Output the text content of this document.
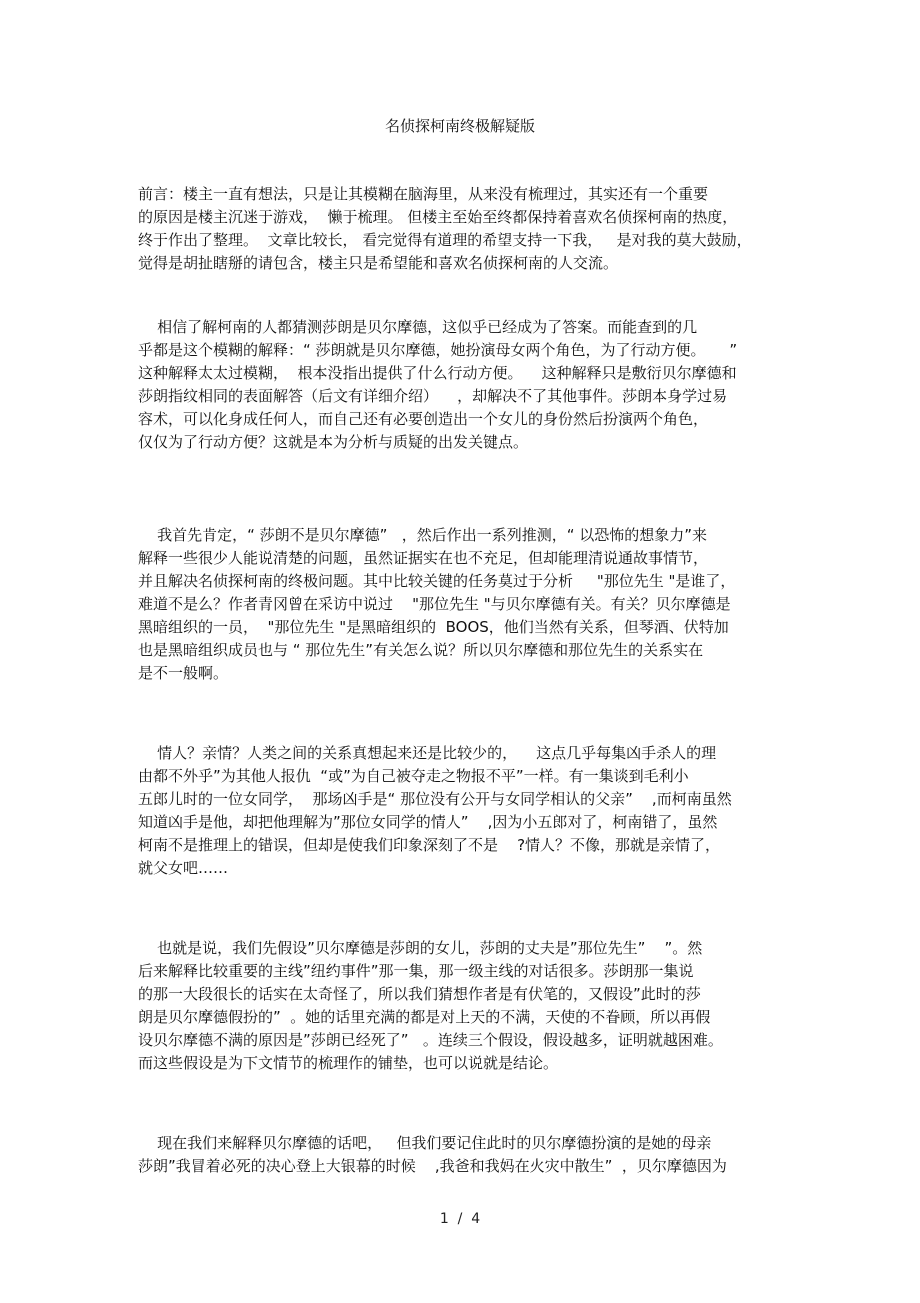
名侦探柯南终极解疑版
前言：楼主一直有想法，只是让其模糊在脑海里，从来没有梳理过，其实还有一个重要
的原因是楼主沉迷于游戏，  懒于梳理。 但楼主至始至终都保持着喜欢名侦探柯南的热度，
终于作出了整理。  文章比较长， 看完觉得有道理的希望支持一下我，   是对我的莫大鼓励，
觉得是胡扯瞎掰的请包含，楼主只是希望能和喜欢名侦探柯南的人交流。
相信了解柯南的人都猜测莎朗是贝尔摩德，这似乎已经成为了答案。而能查到的几
乎都是这个模糊的解释：“ 莎朗就是贝尔摩德，她扮演母女两个角色，为了行动方便。     ”
这种解释太太过模糊，  根本没指出提供了什么行动方便。    这种解释只是敷衍贝尔摩德和
莎朗指纹相同的表面解答（后文有详细介绍）    ，却解决不了其他事件。莎朗本身学过易
容术，可以化身成任何人，而自己还有必要创造出一个女儿的身份然后扮演两个角色，
仅仅为了行动方便？这就是本为分析与质疑的出发关键点。
我首先肯定，“ 莎朗不是贝尔摩德”   ，然后作出一系列推测，“ 以恐怖的想象力”来
解释一些很少人能说清楚的问题，虽然证据实在也不充足，但却能理清说通故事情节，
并且解决名侦探柯南的终极问题。其中比较关键的任务莫过于分析     "那位先生 "是谁了，
难道不是么？作者青冈曾在采访中说过    "那位先生 "与贝尔摩德有关。有关？贝尔摩德是
黑暗组织的一员，  "那位先生 "是黑暗组织的  BOOS，他们当然有关系，但琴酒、伏特加
也是黑暗组织成员也与 “ 那位先生”有关怎么说？所以贝尔摩德和那位先生的关系实在
是不一般啊。
情人？亲情？人类之间的关系真想起来还是比较少的，    这点几乎每集凶手杀人的理
由都不外乎”为其他人报仇  “或”为自己被夺走之物报不平”一样。有一集谈到毛利小
五郎儿时的一位女同学，  那场凶手是“ 那位没有公开与女同学相认的父亲”    ,而柯南虽然
知道凶手是他，却把他理解为”那位女同学的情人”    ,因为小五郎对了，柯南错了，虽然
柯南不是推理上的错误，但却是使我们印象深刻了不是    ?情人？不像，那就是亲情了，
就父女吧……
也就是说，我们先假设”贝尔摩德是莎朗的女儿，莎朗的丈夫是”那位先生”    ”。然
后来解释比较重要的主线”纽约事件”那一集，那一级主线的对话很多。莎朗那一集说
的那一大段很长的话实在太奇怪了，所以我们猜想作者是有伏笔的，又假设”此时的莎
朗是贝尔摩德假扮的”  。她的话里充满的都是对上天的不满，天使的不眷顾，所以再假
设贝尔摩德不满的原因是”莎朗已经死了”   。连续三个假设，假设越多，证明就越困难。
而这些假设是为下文情节的梳理作的铺垫，也可以说就是结论。
现在我们来解释贝尔摩德的话吧，   但我们要记住此时的贝尔摩德扮演的是她的母亲
莎朗”我冒着必死的决心登上大银幕的时候    ,我爸和我妈在火灾中散生”  ，贝尔摩德因为
1  /  4
